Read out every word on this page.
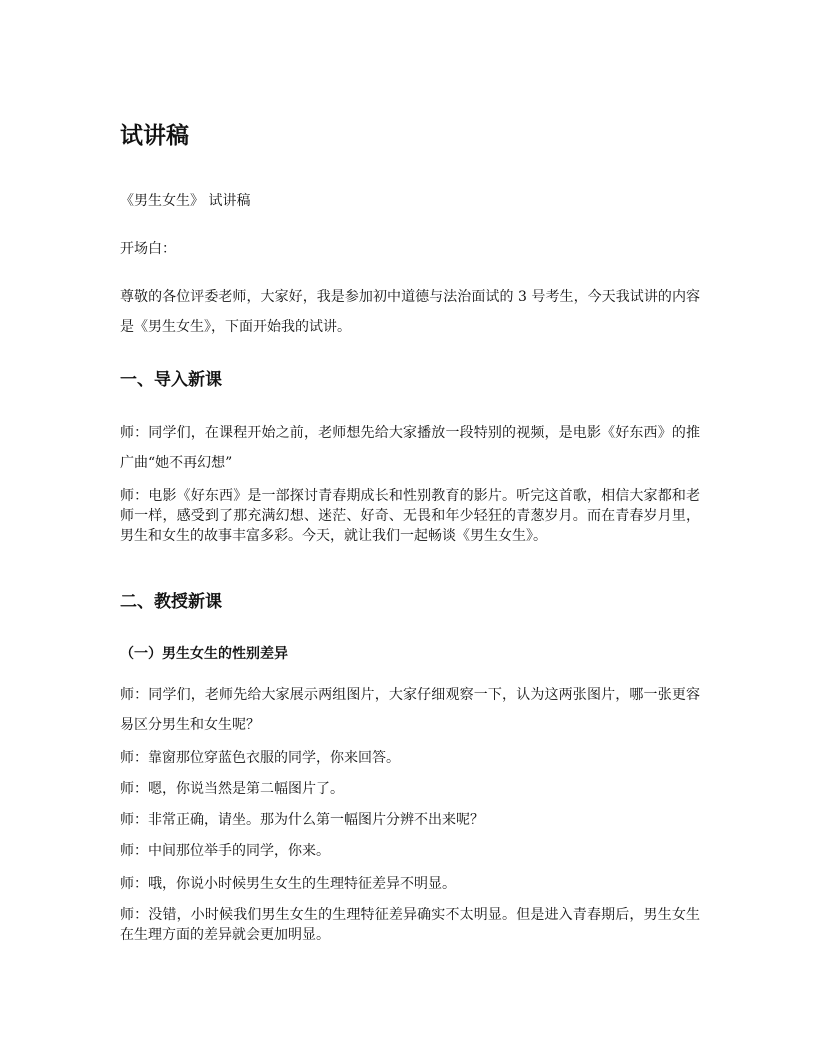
试讲稿

《男生女生》 试讲稿

开场白：

尊敬的各位评委老师，大家好，我是参加初中道德与法治面试的 3 号考生，今天我试讲的内容是《男生女生》，下面开始我的试讲。

一、导入新课

师：同学们，在课程开始之前，老师想先给大家播放一段特别的视频，是电影《好东西》的推广曲“她不再幻想”

师：电影《好东西》是一部探讨青春期成长和性别教育的影片。听完这首歌，相信大家都和老师一样，感受到了那充满幻想、迷茫、好奇、无畏和年少轻狂的青葱岁月。而在青春岁月里，男生和女生的故事丰富多彩。今天，就让我们一起畅谈《男生女生》。

二、教授新课
（一）男生女生的性别差异

师：同学们，老师先给大家展示两组图片，大家仔细观察一下，认为这两张图片，哪一张更容易区分男生和女生呢？

师：靠窗那位穿蓝色衣服的同学，你来回答。

师：嗯，你说当然是第二幅图片了。

师：非常正确，请坐。那为什么第一幅图片分辨不出来呢？

师：中间那位举手的同学，你来。

师：哦，你说小时候男生女生的生理特征差异不明显。

师：没错，小时候我们男生女生的生理特征差异确实不太明显。但是进入青春期后，男生女生在生理方面的差异就会更加明显。
